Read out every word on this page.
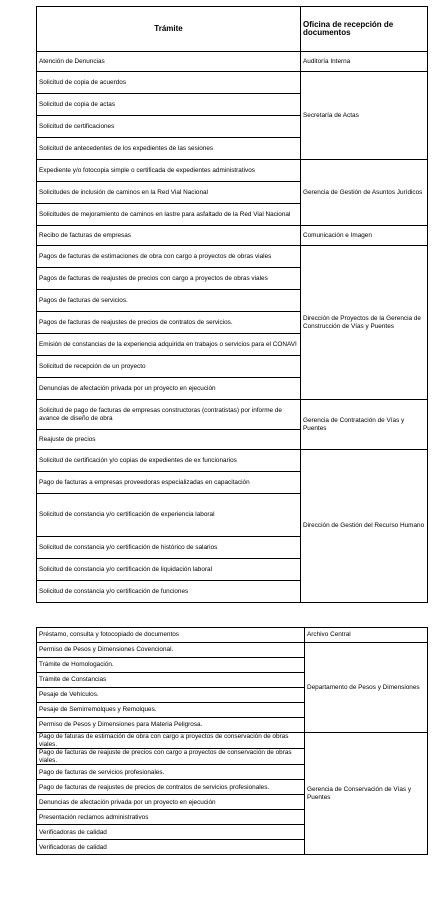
Trámite	Oficina de recepción de documentos
Atención de Denuncias	Auditoría Interna
Solicitud de copia de acuerdos	Secretaría de Actas
Solicitud de copia de actas	
Solicitud de certificaciones	
Solicitud de antecedentes de los expedientes de las sesiones	
Expediente y/o fotocopia simple o certificada de expedientes administrativos	Gerencia de Gestión de Asuntos Jurídicos
Solicitudes de inclusión de caminos en la Red Vial Nacional	
Solicitudes de mejoramiento de caminos en lastre para asfaltado de la Red Vial Nacional	
Recibo de facturas de empresas	Comunicación e Imagen
Pagos de facturas de estimaciones de obra con cargo a proyectos de obras viales	Dirección de Proyectos de la Gerencia de Construcción de Vías y Puentes
Pagos de facturas de reajustes de precios con cargo a proyectos de obras viales	
Pagos de facturas de servicios.	
Pagos de facturas de reajustes de precios de contratos de servicios.	
Emisión de constancias de la experiencia adquirida en trabajos o servicios para el CONAVI	
Solicitud de recepción de un proyecto	
Denuncias de afectación privada por un proyecto en ejecución	
Solicitud de pago de facturas de empresas constructoras (contratistas) por informe de avance de diseño de obra	Gerencia de Contratación de Vías y Puentes
Reajuste de precios	
Solicitud de certificación y/o copias de expedientes de ex funcionarios	Dirección de Gestión del Recurso Humano
Pago de facturas a empresas proveedoras especializadas en capacitación	
Solicitud de constancia y/o certificación de experiencia laboral	
Solicitud de constancia y/o certificación de histórico de salarios	
Solicitud de constancia y/o certificación de liquidación laboral	
Solicitud de constancia y/o certificación de funciones	
Préstamo, consulta y fotocopiado de documentos	Archivo Central
Permiso de Pesos y Dimensiones Covencional.	Departamento de Pesos y Dimensiones
Trámite de Homologación.	
Trámite de Constancias	
Pesaje de Vehículos.	
Pesaje de Semirremolques y Remolques.	
Permiso de Pesos y Dimensiones para Materia Peligrosa.	
Pago de faturas de estimación de obra con cargo a proyectos de conservación de obras viales.	Gerencia de Conservación de Vías y Puentes
Pago de facturas de reajuste de precios con cargo a proyectos de conservación de obras viales.	
Pago de facturas de servicios profesionales.	
Pago de facturas de reajustes de precios de contratos de servicios profesionales.	
Denuncias de afectación privada por un proyecto en ejecución	
Presentación reclamos administrativos	
Verificadoras de calidad	
Verificadoras de calidad	
